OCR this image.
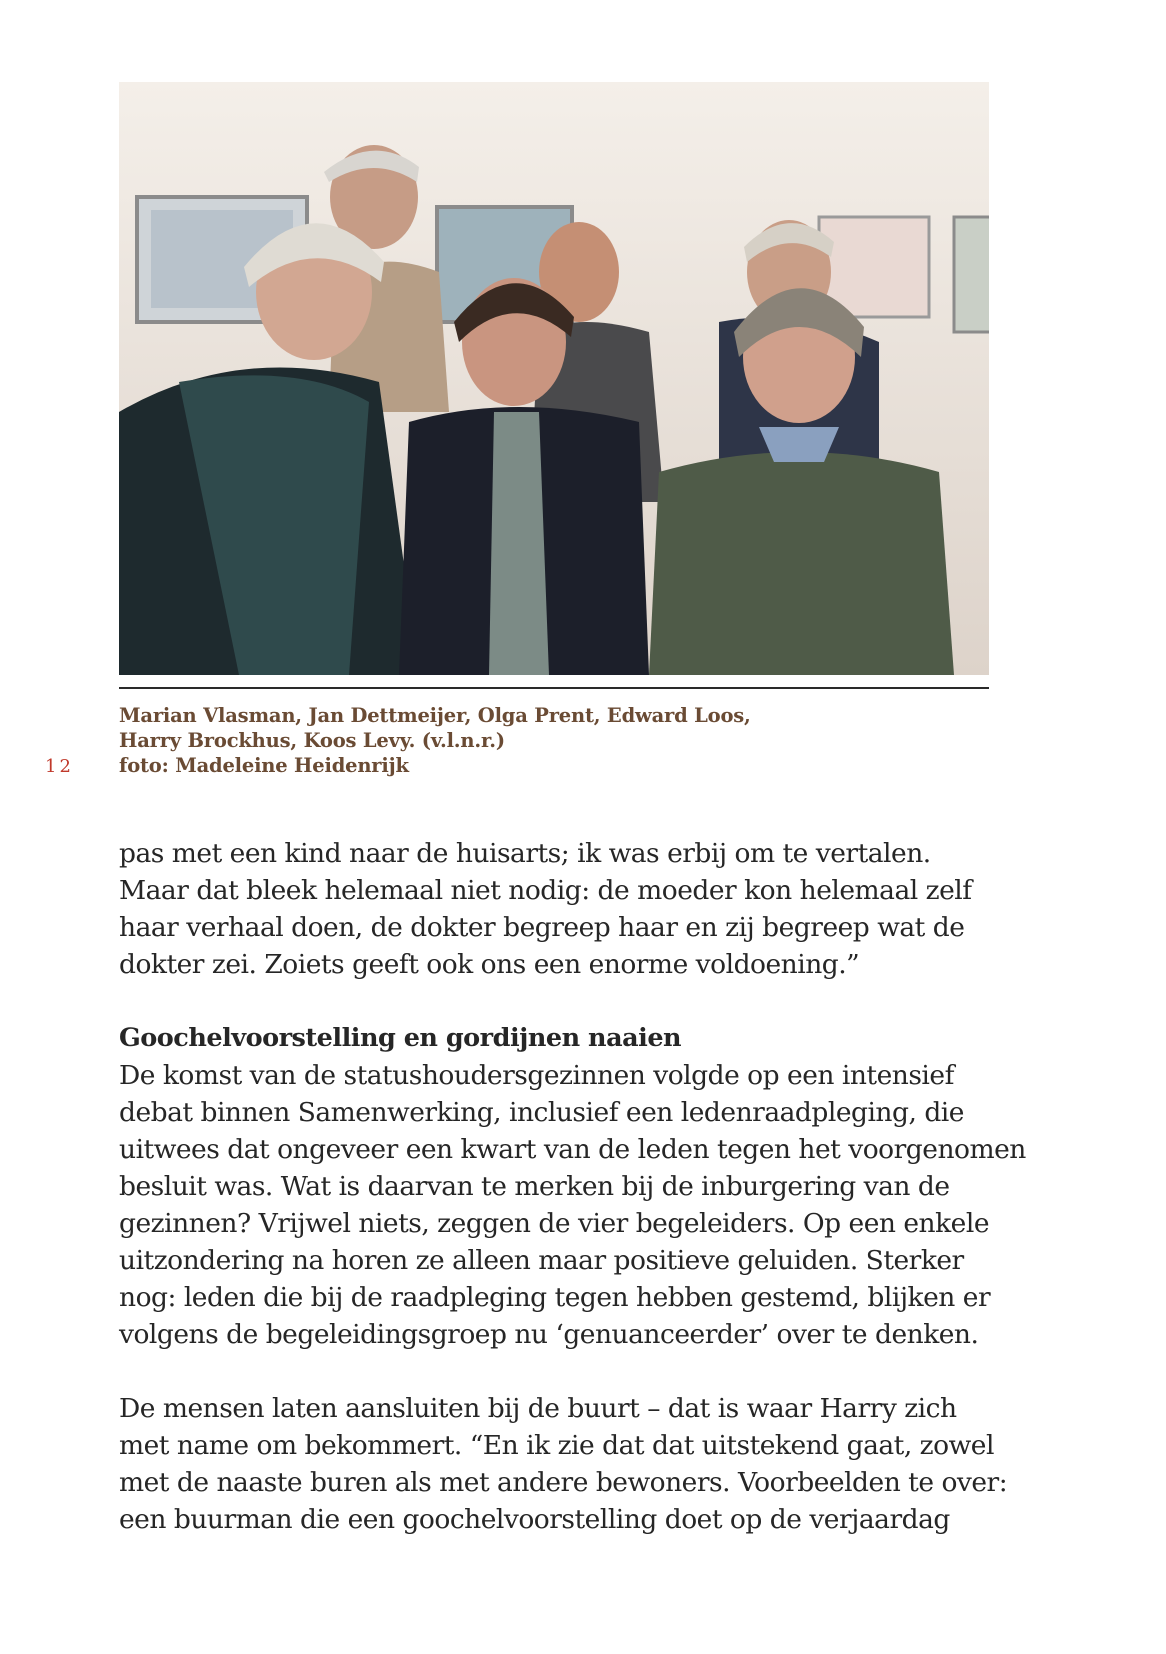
Marian Vlasman, Jan Dettmeijer, Olga Prent, Edward Loos,
Harry Brockhus, Koos Levy. (v.l.n.r.)
foto: Madeleine Heidenrijk
12
pas met een kind naar de huisarts; ik was erbij om te vertalen.
Maar dat bleek helemaal niet nodig: de moeder kon helemaal zelf
haar verhaal doen, de dokter begreep haar en zij begreep wat de
dokter zei. Zoiets geeft ook ons een enorme voldoening.”
Goochelvoorstelling en gordijnen naaien
De komst van de statushoudersgezinnen volgde op een intensief
debat binnen Samenwerking, inclusief een ledenraadpleging, die
uitwees dat ongeveer een kwart van de leden tegen het voorgenomen
besluit was. Wat is daarvan te merken bij de inburgering van de
gezinnen? Vrijwel niets, zeggen de vier begeleiders. Op een enkele
uitzondering na horen ze alleen maar positieve geluiden. Sterker
nog: leden die bij de raadpleging tegen hebben gestemd, blijken er
volgens de begeleidingsgroep nu ‘genuanceerder’ over te denken.
De mensen laten aansluiten bij de buurt – dat is waar Harry zich
met name om bekommert. “En ik zie dat dat uitstekend gaat, zowel
met de naaste buren als met andere bewoners. Voorbeelden te over:
een buurman die een goochelvoorstelling doet op de verjaardag
